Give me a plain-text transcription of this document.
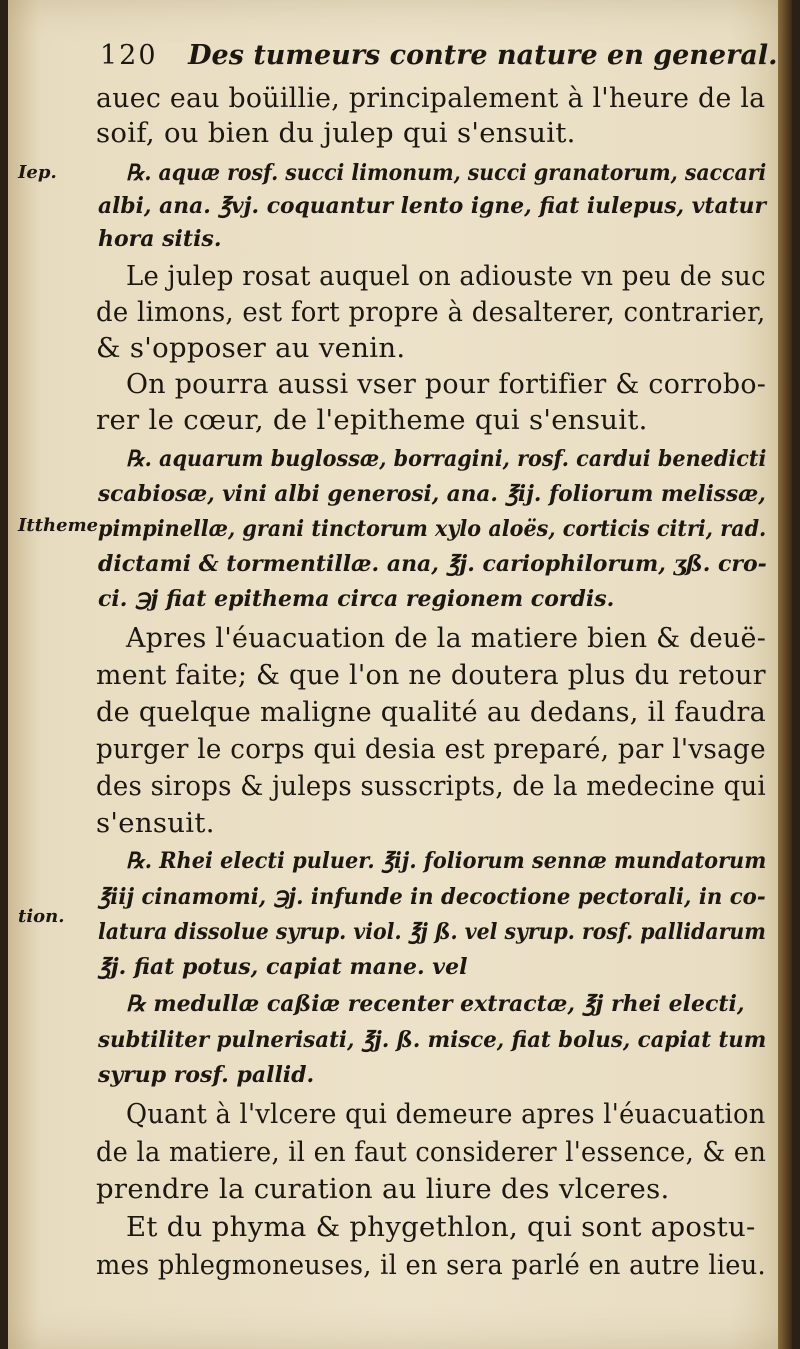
120 Des tumeurs contre nature en general.
Iep.
Ittheme
tion.
auec eau boüillie, principalement à l'heure de la
soif, ou bien du julep qui s'ensuit.
℞. aquæ rosf. succi limonum, succi granatorum, saccari
albi, ana. ℥vj. coquantur lento igne, fiat iulepus, vtatur
hora sitis.
Le julep rosat auquel on adiouste vn peu de suc
de limons, est fort propre à desalterer, contrarier,
& s'opposer au venin.
On pourra aussi vser pour fortifier & corrobo-
rer le cœur, de l'epitheme qui s'ensuit.
℞. aquarum buglossæ, borragini, rosf. cardui benedicti
scabiosæ, vini albi generosi, ana. ℥ij. foliorum melissæ,
pimpinellæ, grani tinctorum xylo aloës, corticis citri, rad.
dictami & tormentillæ. ana, ℥j. cariophilorum, ʒß. cro-
ci. ℈j fiat epithema circa regionem cordis.
Apres l'éuacuation de la matiere bien & deuë-
ment faite; & que l'on ne doutera plus du retour
de quelque maligne qualité au dedans, il faudra
purger le corps qui desia est preparé, par l'vsage
des sirops & juleps susscripts, de la medecine qui
s'ensuit.
℞. Rhei electi puluer. ℥ij. foliorum sennæ mundatorum
℥iij cinamomi, ℈j. infunde in decoctione pectorali, in co-
latura dissolue syrup. viol. ℥j ß. vel syrup. rosf. pallidarum
℥j. fiat potus, capiat mane. vel
℞ medullæ caßiæ recenter extractæ, ℥j rhei electi,
subtiliter pulnerisati, ℥j. ß. misce, fiat bolus, capiat tum
syrup rosf. pallid.
Quant à l'vlcere qui demeure apres l'éuacuation
de la matiere, il en faut considerer l'essence, & en
prendre la curation au liure des vlceres.
Et du phyma & phygethlon, qui sont apostu-
mes phlegmoneuses, il en sera parlé en autre lieu.
